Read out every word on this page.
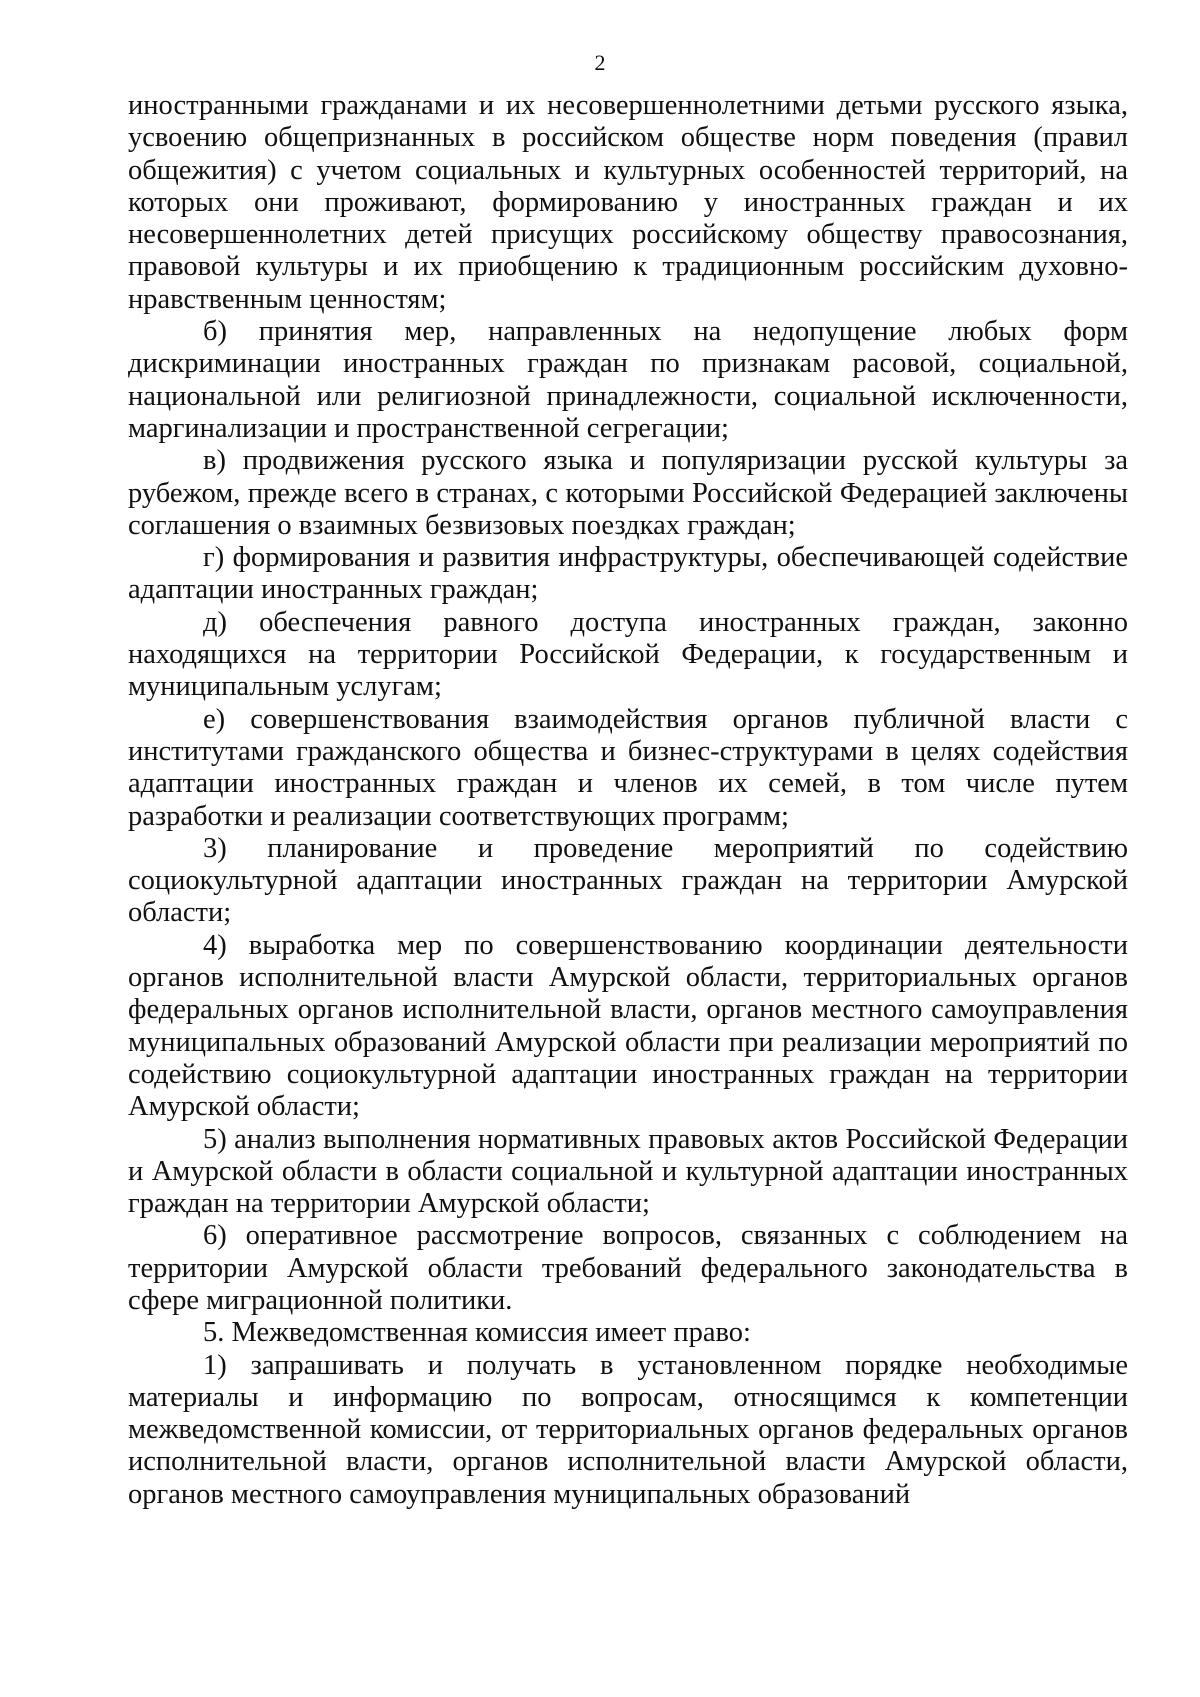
2

иностранными гражданами и их несовершеннолетними детьми русского языка, усвоению общепризнанных в российском обществе норм поведения (правил общежития) с учетом социальных и культурных особенностей территорий, на которых они проживают, формированию у иностранных граждан и их несовершеннолетних детей присущих российскому обществу правосознания, правовой культуры и их приобщению к традиционным российским духовно-нравственным ценностям;

б) принятия мер, направленных на недопущение любых форм дискриминации иностранных граждан по признакам расовой, социальной, национальной или религиозной принадлежности, социальной исключенности, маргинализации и пространственной сегрегации;

в) продвижения русского языка и популяризации русской культуры за рубежом, прежде всего в странах, с которыми Российской Федерацией заключены соглашения о взаимных безвизовых поездках граждан;

г) формирования и развития инфраструктуры, обеспечивающей содействие адаптации иностранных граждан;

д) обеспечения равного доступа иностранных граждан, законно находящихся на территории Российской Федерации, к государственным и муниципальным услугам;

е) совершенствования взаимодействия органов публичной власти с институтами гражданского общества и бизнес-структурами в целях содействия адаптации иностранных граждан и членов их семей, в том числе путем разработки и реализации соответствующих программ;

3) планирование и проведение мероприятий по содействию социокультурной адаптации иностранных граждан на территории Амурской области;

4) выработка мер по совершенствованию координации деятельности органов исполнительной власти Амурской области, территориальных органов федеральных органов исполнительной власти, органов местного самоуправления муниципальных образований Амурской области при реализации мероприятий по содействию социокультурной адаптации иностранных граждан на территории Амурской области;

5) анализ выполнения нормативных правовых актов Российской Федерации и Амурской области в области социальной и культурной адаптации иностранных граждан на территории Амурской области;

6) оперативное рассмотрение вопросов, связанных с соблюдением на территории Амурской области требований федерального законодательства в сфере миграционной политики.

5. Межведомственная комиссия имеет право:

1) запрашивать и получать в установленном порядке необходимые материалы и информацию по вопросам, относящимся к компетенции межведомственной комиссии, от территориальных органов федеральных органов исполнительной власти, органов исполнительной власти Амурской области, органов местного самоуправления муниципальных образований
